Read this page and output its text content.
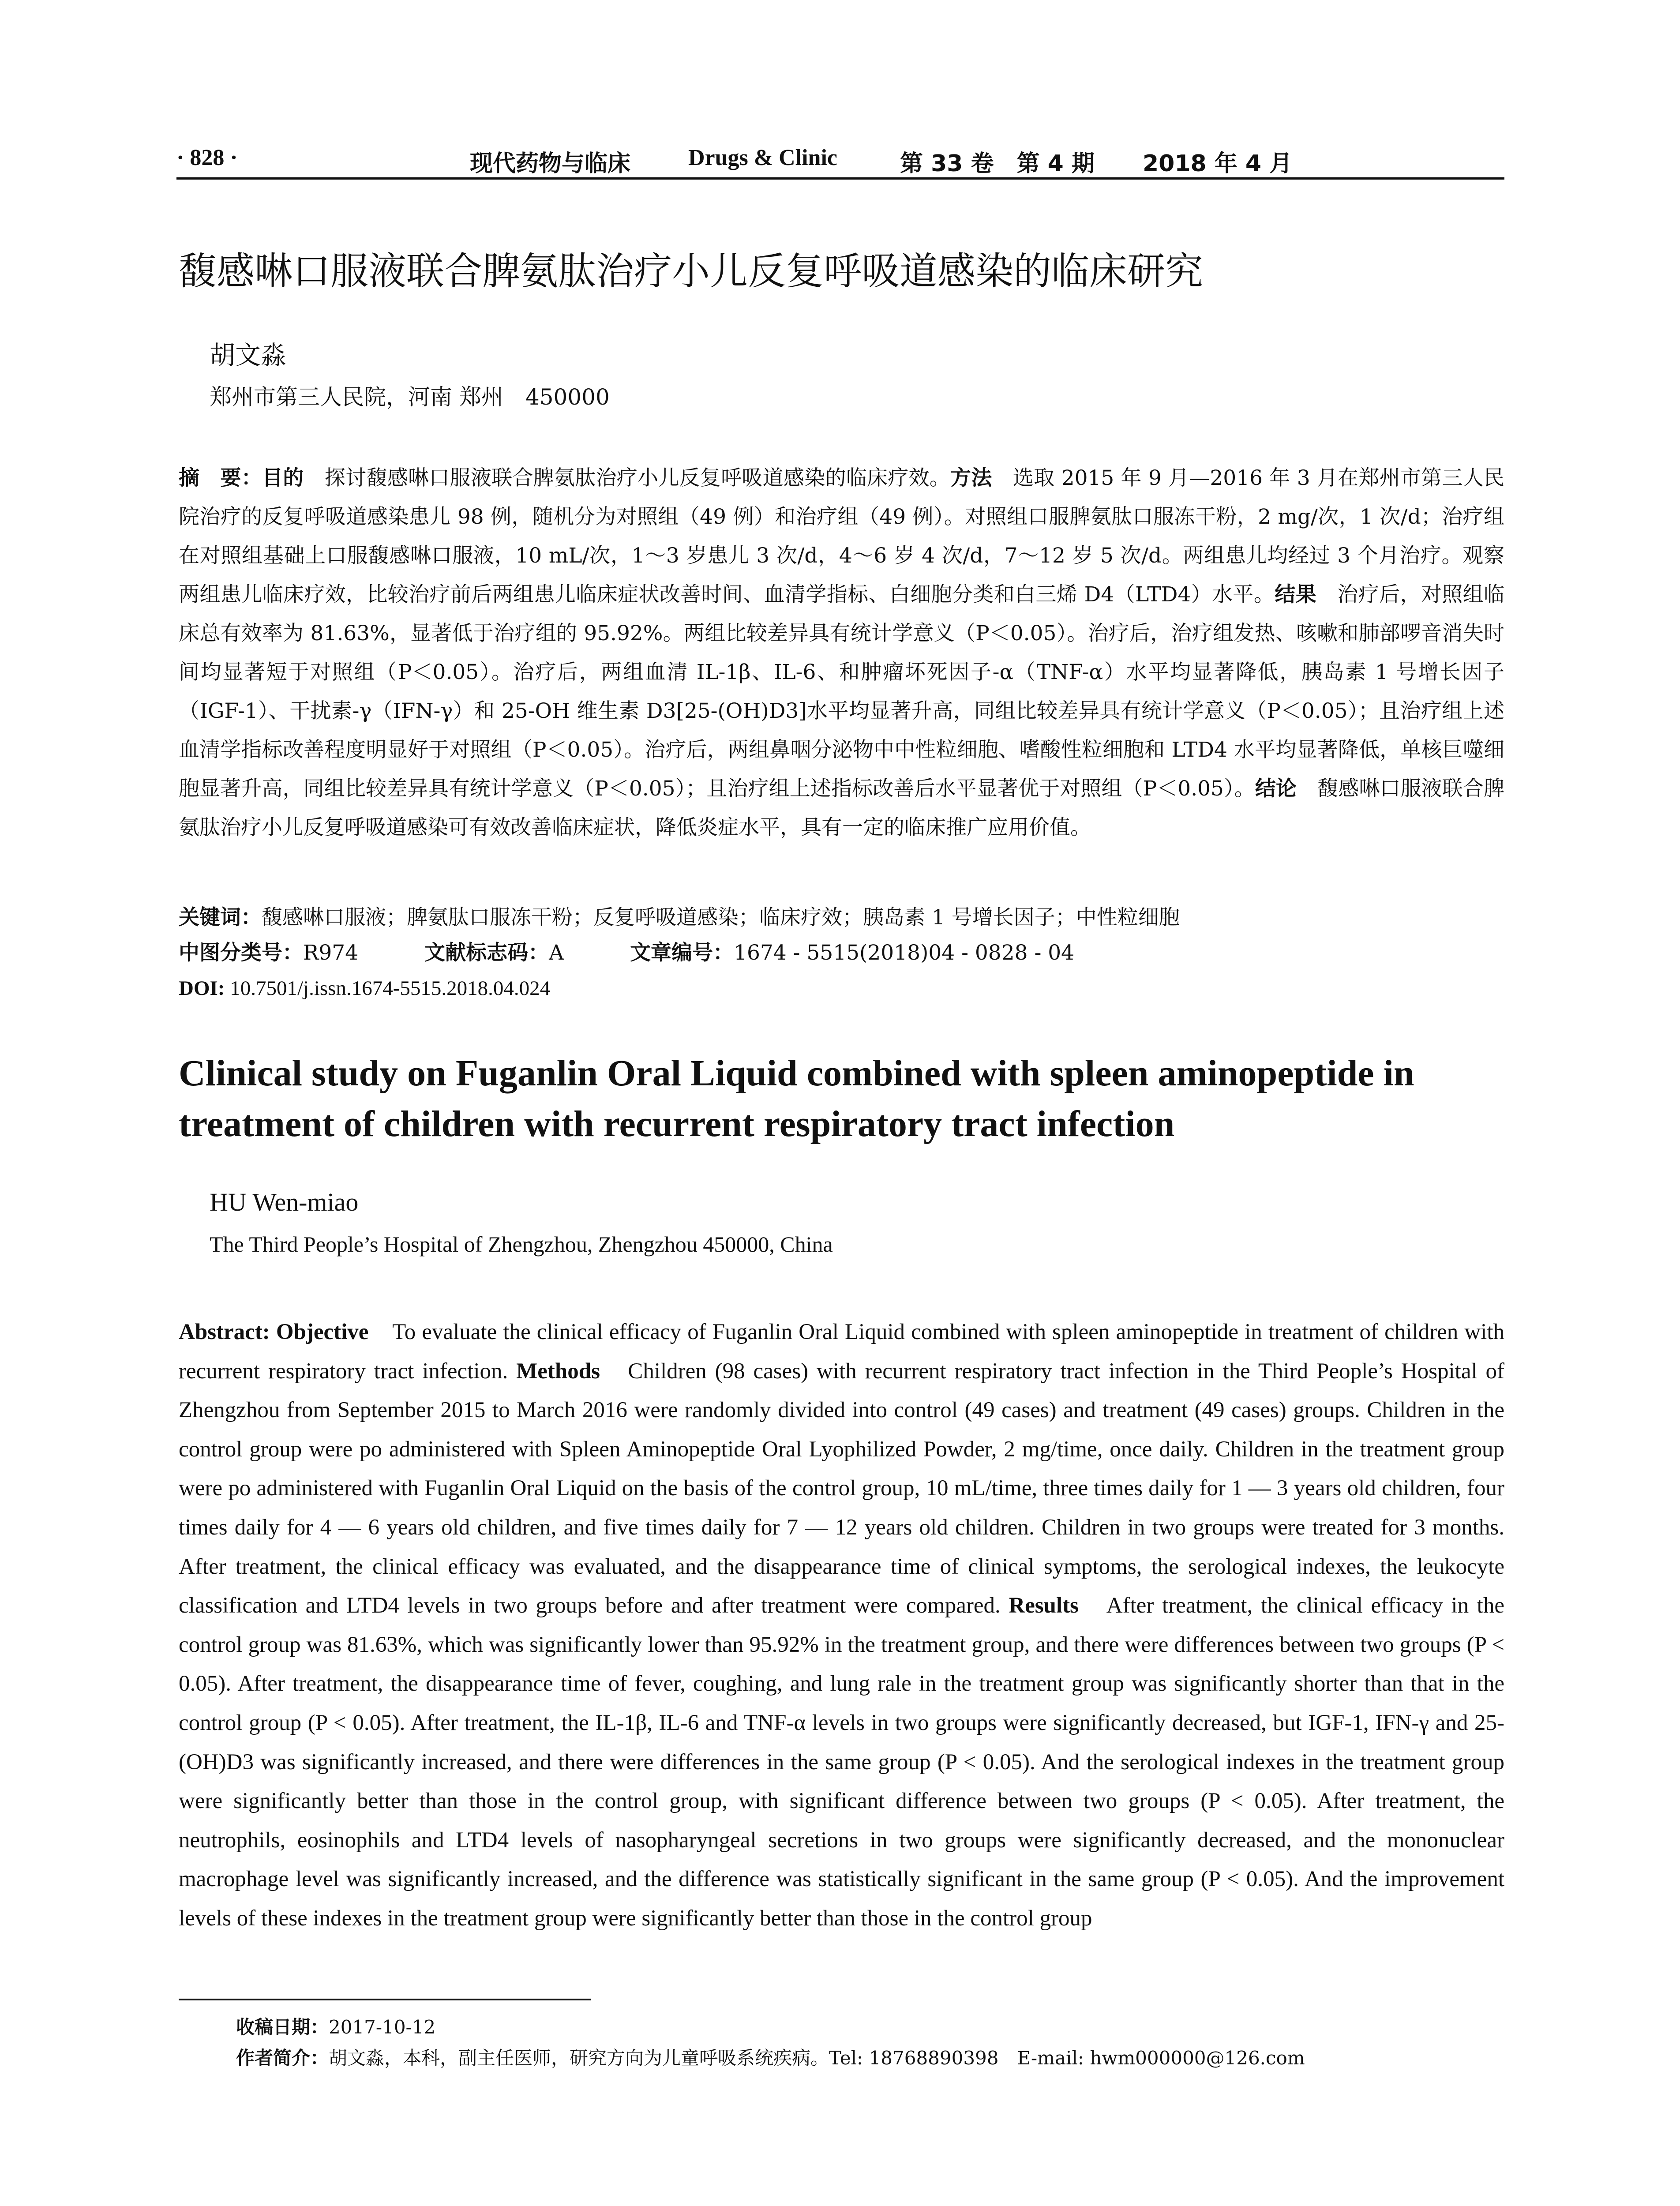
· 828 ·	现代药物与临床	Drugs & Clinic	第 33 卷　第 4 期 2018 年 4 月
馥感啉口服液联合脾氨肽治疗小儿反复呼吸道感染的临床研究
胡文淼
郑州市第三人民院，河南 郑州　450000
摘　要：目的　探讨馥感啉口服液联合脾氨肽治疗小儿反复呼吸道感染的临床疗效。方法　选取 2015 年 9 月—2016 年 3 月在郑州市第三人民院治疗的反复呼吸道感染患儿 98 例，随机分为对照组（49 例）和治疗组（49 例）。对照组口服脾氨肽口服冻干粉，2 mg/次，1 次/d；治疗组在对照组基础上口服馥感啉口服液，10 mL/次，1～3 岁患儿 3 次/d，4～6 岁 4 次/d，7～12 岁 5 次/d。两组患儿均经过 3 个月治疗。观察两组患儿临床疗效，比较治疗前后两组患儿临床症状改善时间、血清学指标、白细胞分类和白三烯 D4（LTD4）水平。结果　治疗后，对照组临床总有效率为 81.63%，显著低于治疗组的 95.92%。两组比较差异具有统计学意义（P＜0.05）。治疗后，治疗组发热、咳嗽和肺部啰音消失时间均显著短于对照组（P＜0.05）。治疗后，两组血清 IL-1β、IL-6、和肿瘤坏死因子-α（TNF-α）水平均显著降低，胰岛素 1 号增长因子（IGF-1）、干扰素-γ（IFN-γ）和 25-OH 维生素 D3[25-(OH)D3]水平均显著升高，同组比较差异具有统计学意义（P＜0.05）；且治疗组上述血清学指标改善程度明显好于对照组（P＜0.05）。治疗后，两组鼻咽分泌物中中性粒细胞、嗜酸性粒细胞和 LTD4 水平均显著降低，单核巨噬细胞显著升高，同组比较差异具有统计学意义（P＜0.05）；且治疗组上述指标改善后水平显著优于对照组（P＜0.05）。结论　馥感啉口服液联合脾氨肽治疗小儿反复呼吸道感染可有效改善临床症状，降低炎症水平，具有一定的临床推广应用价值。
关键词：馥感啉口服液；脾氨肽口服冻干粉；反复呼吸道感染；临床疗效；胰岛素 1 号增长因子；中性粒细胞
中图分类号：R974	文献标志码：A	文章编号：1674 - 5515(2018)04 - 0828 - 04
DOI: 10.7501/j.issn.1674-5515.2018.04.024
Clinical study on Fuganlin Oral Liquid combined with spleen aminopeptide in treatment of children with recurrent respiratory tract infection
HU Wen-miao
The Third People’s Hospital of Zhengzhou, Zhengzhou 450000, China
Abstract: Objective　To evaluate the clinical efficacy of Fuganlin Oral Liquid combined with spleen aminopeptide in treatment of children with recurrent respiratory tract infection. Methods　Children (98 cases) with recurrent respiratory tract infection in the Third People’s Hospital of Zhengzhou from September 2015 to March 2016 were randomly divided into control (49 cases) and treatment (49 cases) groups. Children in the control group were po administered with Spleen Aminopeptide Oral Lyophilized Powder, 2 mg/time, once daily. Children in the treatment group were po administered with Fuganlin Oral Liquid on the basis of the control group, 10 mL/time, three times daily for 1 — 3 years old children, four times daily for 4 — 6 years old children, and five times daily for 7 — 12 years old children. Children in two groups were treated for 3 months. After treatment, the clinical efficacy was evaluated, and the disappearance time of clinical symptoms, the serological indexes, the leukocyte classification and LTD4 levels in two groups before and after treatment were compared. Results　After treatment, the clinical efficacy in the control group was 81.63%, which was significantly lower than 95.92% in the treatment group, and there were differences between two groups (P < 0.05). After treatment, the disappearance time of fever, coughing, and lung rale in the treatment group was significantly shorter than that in the control group (P < 0.05). After treatment, the IL-1β, IL-6 and TNF-α levels in two groups were significantly decreased, but IGF-1, IFN-γ and 25-(OH)D3 was significantly increased, and there were differences in the same group (P < 0.05). And the serological indexes in the treatment group were significantly better than those in the control group, with significant difference between two groups (P < 0.05). After treatment, the neutrophils, eosinophils and LTD4 levels of nasopharyngeal secretions in two groups were significantly decreased, and the mononuclear macrophage level was significantly increased, and the difference was statistically significant in the same group (P < 0.05). And the improvement levels of these indexes in the treatment group were significantly better than those in the control group
收稿日期：2017-10-12
作者简介：胡文淼，本科，副主任医师，研究方向为儿童呼吸系统疾病。Tel: 18768890398　E-mail: hwm000000@126.com
